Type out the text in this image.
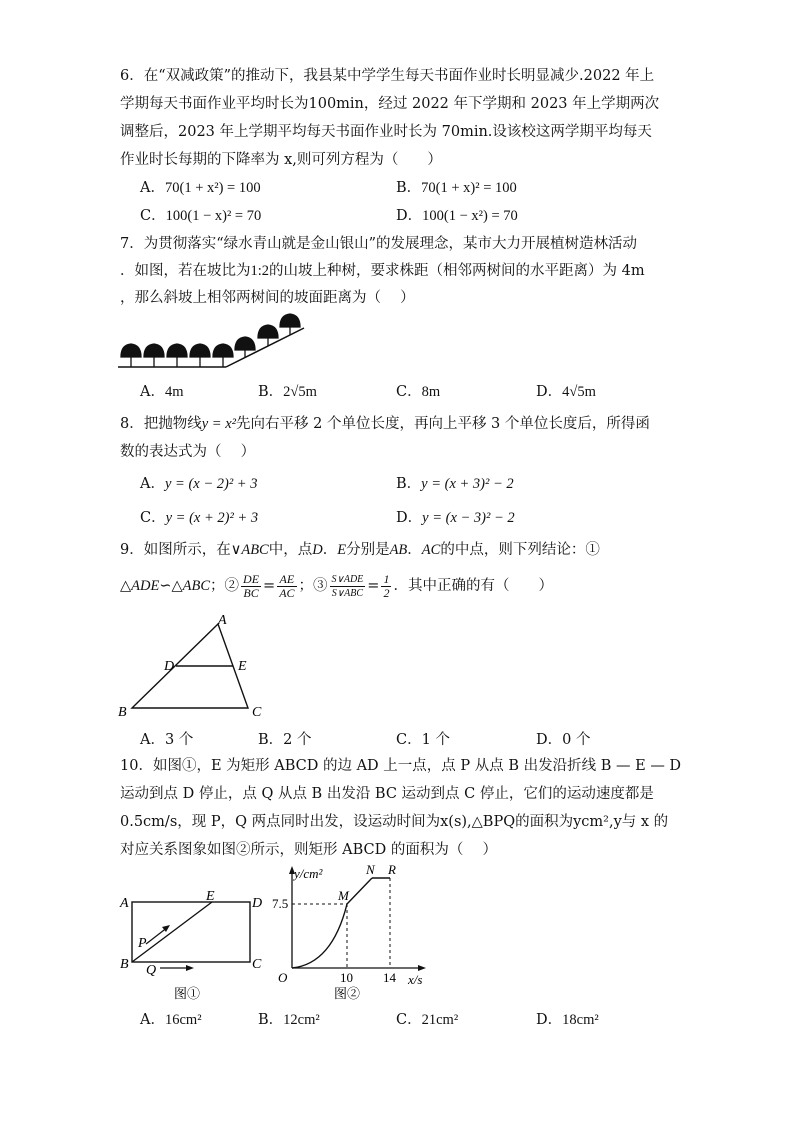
6．在“双减政策”的推动下，我县某中学学生每天书面作业时长明显减少.2022 年上
学期每天书面作业平均时长为100min，经过 2022 年下学期和 2023 年上学期两次
调整后，2023 年上学期平均每天书面作业时长为 70min.设该校这两学期平均每天
作业时长每期的下降率为 x,则可列方程为（　　）
A．70(1 + x²) = 100	B．70(1 + x)² = 100
C．100(1 − x)² = 70	D．100(1 − x²) = 70
7．为贯彻落实“绿水青山就是金山银山”的发展理念，某市大力开展植树造林活动
．如图，若在坡比为1:2的山坡上种树，要求株距（相邻两树间的水平距离）为 4m
，那么斜坡上相邻两树间的坡面距离为（　 ）
A．4m	B．2√5m	C．8m	D．4√5m
8．把抛物线y = x²先向右平移 2 个单位长度，再向上平移 3 个单位长度后，所得函
数的表达式为（　 ）
A．y = (x − 2)² + 3	B．y = (x + 3)² − 2
C．y = (x + 2)² + 3	D．y = (x − 3)² − 2
9．如图所示，在∨ABC中，点D．E分别是AB．AC的中点，则下列结论：①
△ADE∽△ABC；② $\frac{DE}{BC} = \frac{AE}{AC}$ ；③ $\frac{\text{S∨ADE}}{\text{S∨ABC}} = \frac{1}{2}$ ．其中正确的有（　　）
A
B	C
D	E
A．3 个	B．2 个	C．1 个	D．0 个
10．如图①，E 为矩形 ABCD 的边 AD 上一点，点 P 从点 B 出发沿折线 B — E — D
运动到点 D 停止，点 Q 从点 B 出发沿 BC 运动到点 C 停止，它们的运动速度都是
0.5cm/s，现 P，Q 两点同时出发，设运动时间为x(s),△BPQ的面积为ycm²,y与 x 的
对应关系图象如图②所示，则矩形 ABCD 的面积为（　 ）
A
B	C
D
E
P
Q
图①
y/cm²
x/s
O
M
N R
7.5
10 14
图②
A．16cm²	B．12cm²	C．21cm²	D．18cm²
